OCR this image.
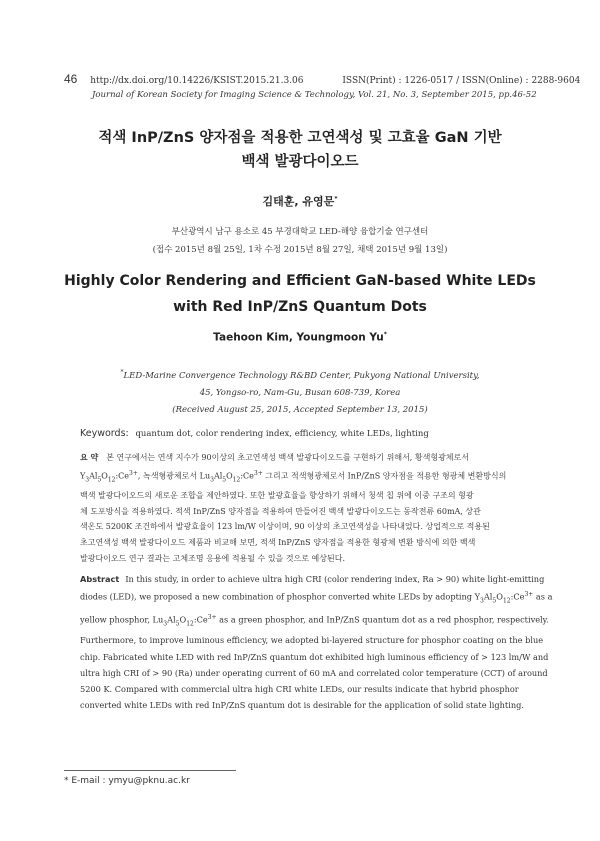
46 http://dx.doi.org/10.14226/KSIST.2015.21.3.06	ISSN(Print) : 1226-0517 / ISSN(Online) : 2288-9604
Journal of Korean Society for Imaging Science & Technology, Vol. 21, No. 3, September 2015, pp.46-52
적색 InP/ZnS 양자점을 적용한 고연색성 및 고효율 GaN 기반
백색 발광다이오드
김태훈, 유영문*
부산광역시 남구 용소로 45 부경대학교 LED-해양 융합기술 연구센터
(접수 2015년 8월 25일, 1차 수정 2015년 8월 27일, 채택 2015년 9월 13일)
Highly Color Rendering and Efficient GaN-based White LEDs
with Red InP/ZnS Quantum Dots
Taehoon Kim, Youngmoon Yu*
*LED-Marine Convergence Technology R&BD Center, Pukyong National University,
45, Yongso-ro, Nam-Gu, Busan 608-739, Korea
(Received August 25, 2015, Accepted September 13, 2015)
Keywords: quantum dot, color rendering index, efficiency, white LEDs, lighting
요 약 본 연구에서는 연색 지수가 90이상의 초고연색성 백색 발광다이오드를 구현하기 위해서, 황색형광체로서
$Y_3Al_5O_{12}:Ce^{3+}$, 녹색형광체로서 $Lu_3Al_5O_{12}:Ce^{3+}$ 그리고 적색형광체로서 InP/ZnS 양자점을 적용한 형광체 변환방식의
백색 발광다이오드의 새로운 조합을 제안하였다. 또한 발광효율을 향상하기 위해서 청색 칩 위에 이중 구조의 형광
체 도포방식을 적용하였다. 적색 InP/ZnS 양자점을 적용하여 만들어진 백색 발광다이오드는 동작전류 60mA, 상관
색온도 5200K 조건하에서 발광효율이 123 lm/W 이상이며, 90 이상의 초고연색성을 나타내었다. 상업적으로 적용된
초고연색성 백색 발광다이오드 제품과 비교해 보면, 적색 InP/ZnS 양자점을 적용한 형광체 변환 방식에 의한 백색
발광다이오드 연구 결과는 고체조명 응용에 적용될 수 있을 것으로 예상된다.
Abstract In this study, in order to achieve ultra high CRI (color rendering index, Ra > 90) white light-emitting
diodes (LED), we proposed a new combination of phosphor converted white LEDs by adopting $Y_3Al_5O_{12}:Ce^{3+}$ as a
yellow phosphor, $Lu_3Al_5O_{12}:Ce^{3+}$ as a green phosphor, and InP/ZnS quantum dot as a red phosphor, respectively.
Furthermore, to improve luminous efficiency, we adopted bi-layered structure for phosphor coating on the blue
chip. Fabricated white LED with red InP/ZnS quantum dot exhibited high luminous efficiency of > 123 lm/W and
ultra high CRI of > 90 (Ra) under operating current of 60 mA and correlated color temperature (CCT) of around
5200 K. Compared with commercial ultra high CRI white LEDs, our results indicate that hybrid phosphor
converted white LEDs with red InP/ZnS quantum dot is desirable for the application of solid state lighting.
* E-mail : ymyu@pknu.ac.kr
